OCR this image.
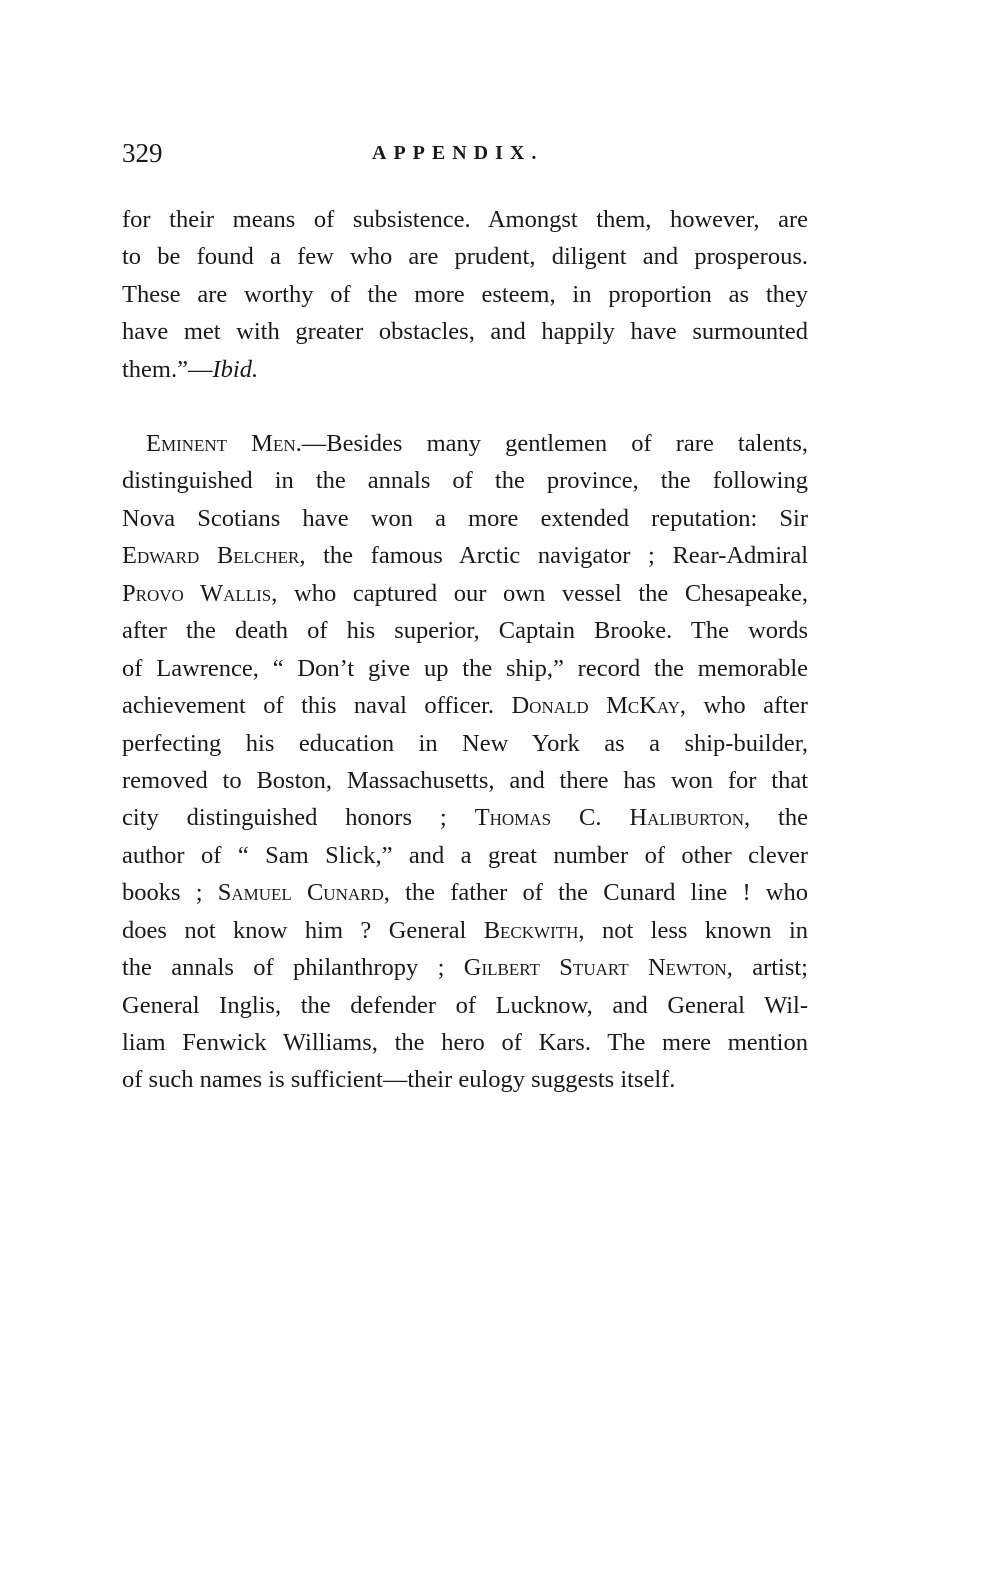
329	APPENDIX.
for their means of subsistence. Amongst them, however, are
to be found a few who are prudent, diligent and prosperous.
These are worthy of the more esteem, in proportion as they
have met with greater obstacles, and happily have surmounted
them.”—Ibid.
Eminent Men.—Besides many gentlemen of rare talents,
distinguished in the annals of the province, the following
Nova Scotians have won a more extended reputation: Sir
Edward Belcher, the famous Arctic navigator ; Rear-Admiral
Provo Wallis, who captured our own vessel the Chesapeake,
after the death of his superior, Captain Brooke. The words
of Lawrence, “ Don’t give up the ship,” record the memorable
achievement of this naval officer. Donald McKay, who after
perfecting his education in New York as a ship-builder,
removed to Boston, Massachusetts, and there has won for that
city distinguished honors ; Thomas C. Haliburton, the
author of “ Sam Slick,” and a great number of other clever
books ; Samuel Cunard, the father of the Cunard line ! who
does not know him ? General Beckwith, not less known in
the annals of philanthropy ; Gilbert Stuart Newton, artist;
General Inglis, the defender of Lucknow, and General Wil-
liam Fenwick Williams, the hero of Kars. The mere mention
of such names is sufficient—their eulogy suggests itself.
